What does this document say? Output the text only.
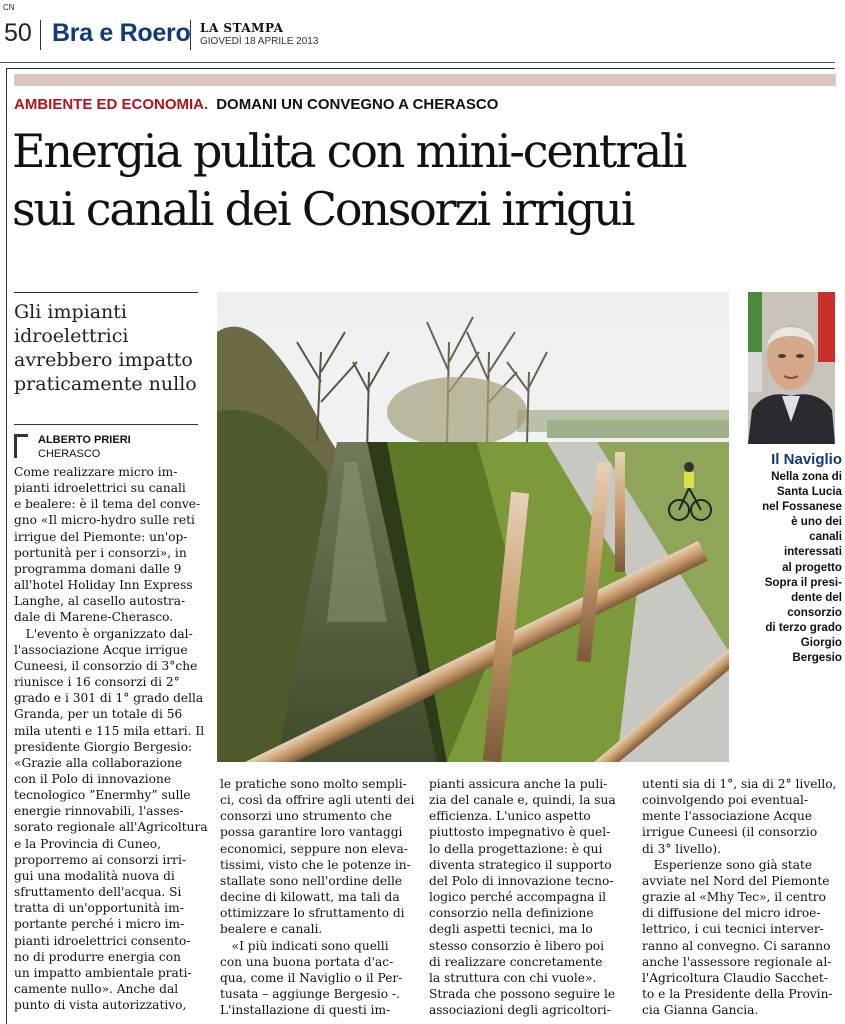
CN
50 Bra e Roero LA STAMPA
GIOVEDÌ 18 APRILE 2013
AMBIENTE ED ECONOMIA. DOMANI UN CONVEGNO A CHERASCO
Energia pulita con mini-centrali
sui canali dei Consorzi irrigui
Gli impianti idroelettrici avrebbero impatto praticamente nullo
ALBERTO PRIERI
CHERASCO

Come realizzare micro im-

pianti idroelettrici su canali

e bealere: è il tema del conve-

gno «Il micro-hydro sulle reti

irrigue del Piemonte: un'op-

portunità per i consorzi», in

programma domani dalle 9

all'hotel Holiday Inn Express

Langhe, al casello autostra-

dale di Marene-Cherasco.

L'evento è organizzato dal-

l'associazione Acque irrigue

Cuneesi, il consorzio di 3°che

riunisce i 16 consorzi di 2°

grado e i 301 di 1° grado della

Granda, per un totale di 56

mila utenti e 115 mila ettari. Il

presidente Giorgio Bergesio:

«Grazie alla collaborazione

con il Polo di innovazione

tecnologico ”Enermhy” sulle

energie rinnovabili, l'asses-

sorato regionale all'Agricoltura

e la Provincia di Cuneo,

proporremo ai consorzi irri-

gui una modalità nuova di

sfruttamento dell'acqua. Si

tratta di un'opportunità im-

portante perché i micro im-

pianti idroelettrici consento-

no di produrre energia con

un impatto ambientale prati-

camente nullo». Anche dal

punto di vista autorizzativo,

le pratiche sono molto sempli-

ci, così da offrire agli utenti dei

consorzi uno strumento che

possa garantire loro vantaggi

economici, seppure non eleva-

tissimi, visto che le potenze in-

stallate sono nell'ordine delle

decine di kilowatt, ma tali da

ottimizzare lo sfruttamento di

bealere e canali.

«I più indicati sono quelli

con una buona portata d'ac-

qua, come il Naviglio o il Per-

tusata – aggiunge Bergesio -.

L'installazione di questi im-

pianti assicura anche la puli-

zia del canale e, quindi, la sua

efficienza. L'unico aspetto

piuttosto impegnativo è quel-

lo della progettazione: è qui

diventa strategico il supporto

del Polo di innovazione tecno-

logico perché accompagna il

consorzio nella definizione

degli aspetti tecnici, ma lo

stesso consorzio è libero poi

di realizzare concretamente

la struttura con chi vuole».

Strada che possono seguire le

associazioni degli agricoltori-

utenti sia di 1°, sia di 2° livello,

coinvolgendo poi eventual-

mente l'associazione Acque

irrigue Cuneesi (il consorzio

di 3° livello).

Esperienze sono già state

avviate nel Nord del Piemonte

grazie al «Mhy Tec», il centro

di diffusione del micro idroe-

lettrico, i cui tecnici interver-

ranno al convegno. Ci saranno

anche l'assessore regionale al-

l'Agricoltura Claudio Sacchet-

to e la Presidente della Provin-

cia Gianna Gancia.

Il Naviglio
Nella zona di
Santa Lucia
nel Fossanese
è uno dei
canali
interessati
al progetto
Sopra il presi-
dente del
consorzio
di terzo grado
Giorgio
Bergesio
